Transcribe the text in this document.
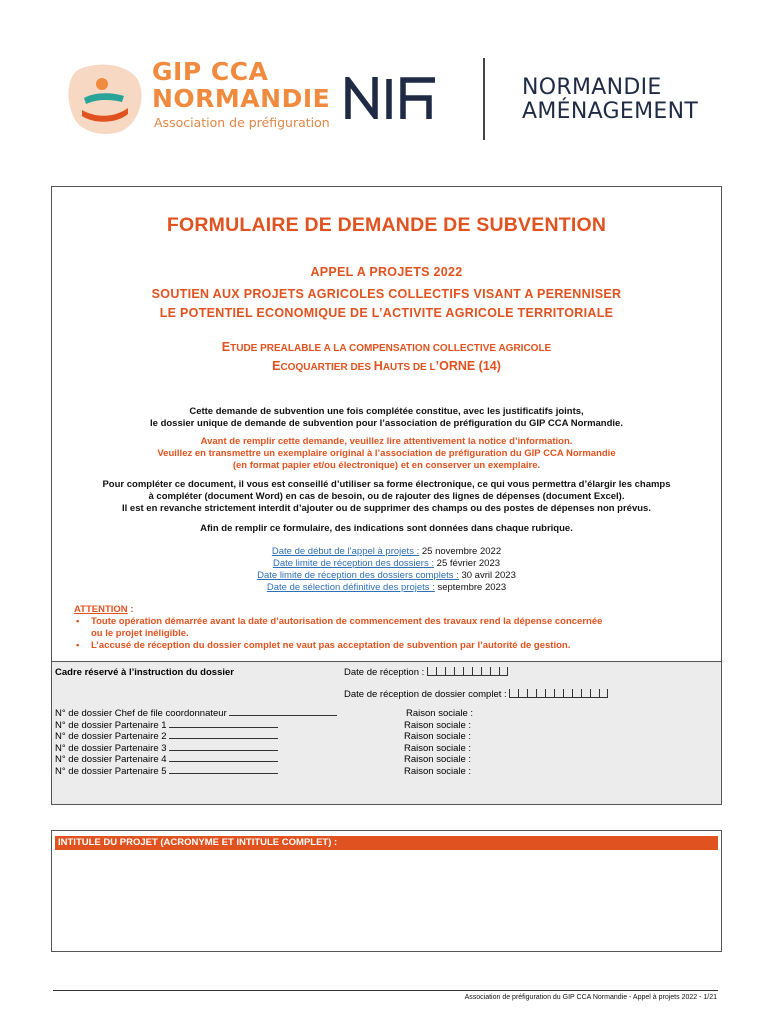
GIP CCA
NORMANDIE
Association de préfiguration
NORMANDIE
AMÉNAGEMENT
FORMULAIRE DE DEMANDE DE SUBVENTION
APPEL A PROJETS 2022
SOUTIEN AUX PROJETS AGRICOLES COLLECTIFS VISANT A PERENNISER
LE POTENTIEL ECONOMIQUE DE L’ACTIVITE AGRICOLE TERRITORIALE
ETUDE PREALABLE A LA COMPENSATION COLLECTIVE AGRICOLE
ECOQUARTIER DES HAUTS DE L’ORNE (14)
Cette demande de subvention une fois complétée constitue, avec les justificatifs joints,
le dossier unique de demande de subvention pour l’association de préfiguration du GIP CCA Normandie.
Avant de remplir cette demande, veuillez lire attentivement la notice d’information.
Veuillez en transmettre un exemplaire original à l’association de préfiguration du GIP CCA Normandie
(en format papier et/ou électronique) et en conserver un exemplaire.
Pour compléter ce document, il vous est conseillé d’utiliser sa forme électronique, ce qui vous permettra d’élargir les champs
à compléter (document Word) en cas de besoin, ou de rajouter des lignes de dépenses (document Excel).
Il est en revanche strictement interdit d’ajouter ou de supprimer des champs ou des postes de dépenses non prévus.
Afin de remplir ce formulaire, des indications sont données dans chaque rubrique.
Date de début de l’appel à projets : 25 novembre 2022
Date limite de réception des dossiers : 25 février 2023
Date limite de réception des dossiers complets : 30 avril 2023
Date de sélection définitive des projets : septembre 2023
ATTENTION :
• Toute opération démarrée avant la date d’autorisation de commencement des travaux rend la dépense concernée
ou le projet inéligible.
• L’accusé de réception du dossier complet ne vaut pas acceptation de subvention par l’autorité de gestion.
Cadre réservé à l’instruction du dossier	Date de réception :
Date de réception de dossier complet :
N° de dossier Chef de file coordonnateur
N° de dossier Partenaire 1
N° de dossier Partenaire 2
N° de dossier Partenaire 3
N° de dossier Partenaire 4
N° de dossier Partenaire 5
Raison sociale :
Raison sociale :
Raison sociale :
Raison sociale :
Raison sociale :
Raison sociale :
INTITULE DU PROJET (ACRONYME ET INTITULE COMPLET) :
Association de préfiguration du GIP CCA Normandie - Appel à projets 2022 - 1/21
